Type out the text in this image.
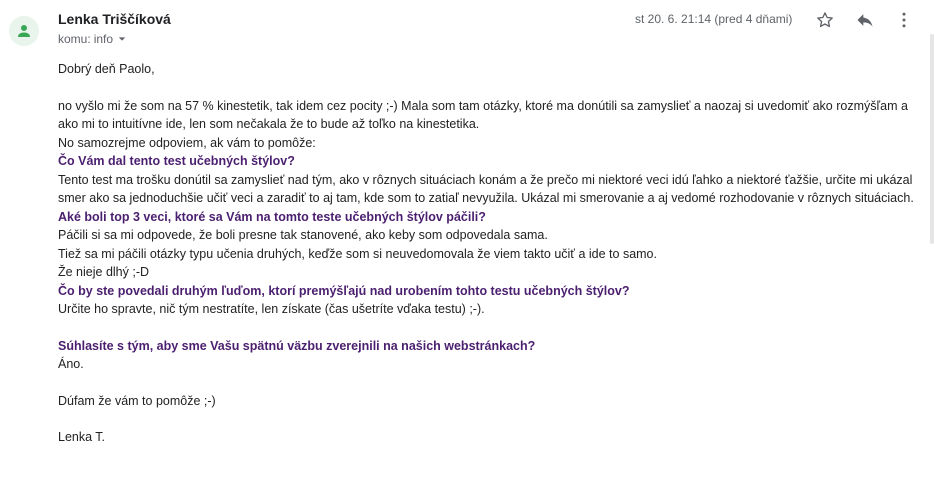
Lenka Triščíková
komu: info
st 20. 6. 21:14 (pred 4 dňami)

Dobrý deň Paolo,

no vyšlo mi že som na 57 % kinestetik, tak idem cez pocity ;-) Mala som tam otázky, ktoré ma donútili sa zamyslieť a naozaj si uvedomiť ako rozmýšľam a ako mi to intuitívne ide, len som nečakala že to bude až toľko na kinestetika.

No samozrejme odpoviem, ak vám to pomôže:

Čo Vám dal tento test učebných štýlov?

Tento test ma trošku donútil sa zamyslieť nad tým, ako v rôznych situáciach konám a že prečo mi niektoré veci idú ľahko a niektoré ťažšie, určite mi ukázal smer ako sa jednoduchšie učiť veci a zaradiť to aj tam, kde som to zatiaľ nevyužila. Ukázal mi smerovanie a aj vedomé rozhodovanie v rôznych situáciach.

Aké boli top 3 veci, ktoré sa Vám na tomto teste učebných štýlov páčili?

Páčili si sa mi odpovede, že boli presne tak stanovené, ako keby som odpovedala sama.

Tiež sa mi páčili otázky typu učenia druhých, keďže som si neuvedomovala že viem takto učiť a ide to samo.

Že nieje dlhý ;-D

Čo by ste povedali druhým ľuďom, ktorí premýšľajú nad urobením tohto testu učebných štýlov?

Určite ho spravte, nič tým nestratíte, len získate (čas ušetríte vďaka testu) ;-).

Súhlasíte s tým, aby sme Vašu spätnú väzbu zverejnili na našich webstránkach?

Áno.

Dúfam že vám to pomôže ;-)

Lenka T.
